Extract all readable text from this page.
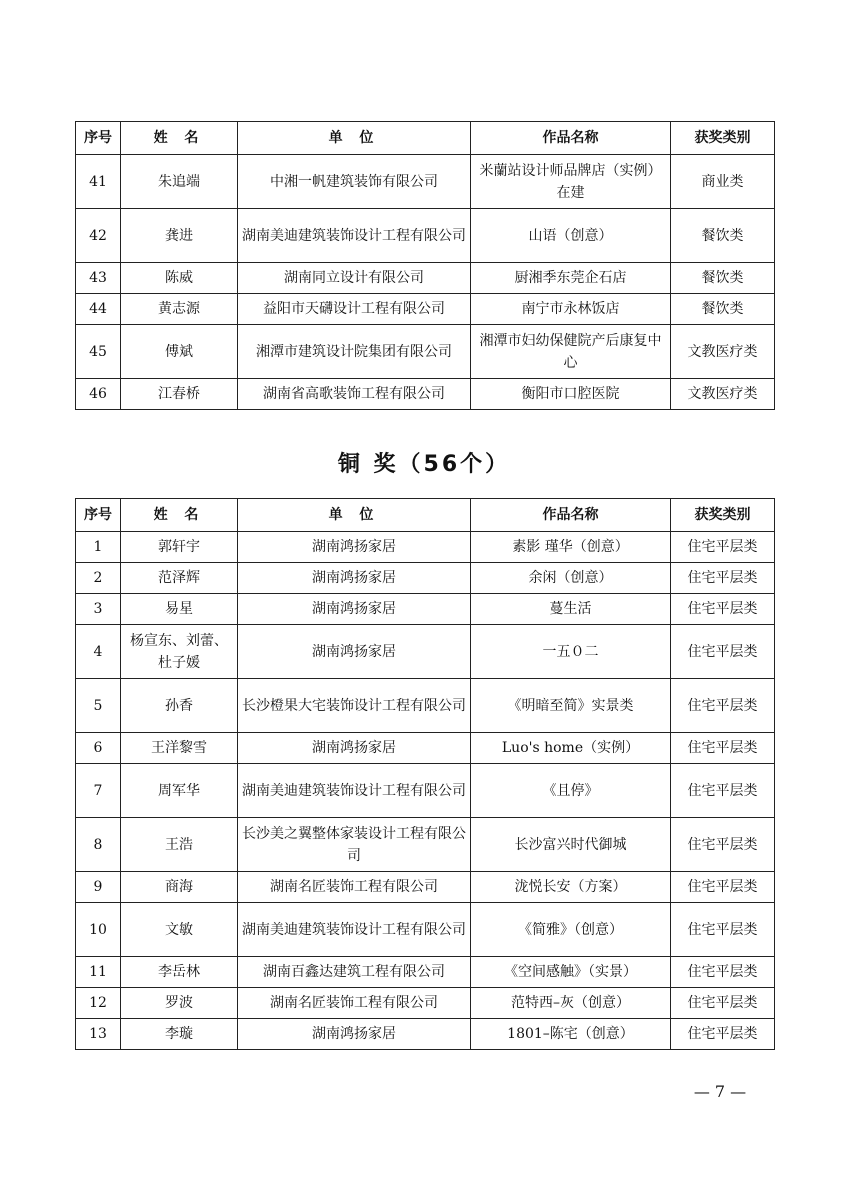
序号	姓 名	单 位	作品名称	获奖类别
41	朱追端	中湘一帆建筑装饰有限公司	米蘭站设计师品牌店（实例）在建	商业类
42	龚进	湖南美迪建筑装饰设计工程有限公司	山语（创意）	餐饮类
43	陈威	湖南同立设计有限公司	厨湘季东莞企石店	餐饮类
44	黄志源	益阳市天礴设计工程有限公司	南宁市永林饭店	餐饮类
45	傅斌	湘潭市建筑设计院集团有限公司	湘潭市妇幼保健院产后康复中心	文教医疗类
46	江春桥	湖南省高歌装饰工程有限公司	衡阳市口腔医院	文教医疗类
铜 奖（56个）
序号	姓 名	单 位	作品名称	获奖类别
1	郭轩宇	湖南鸿扬家居	素影 瑾华（创意）	住宅平层类
2	范泽辉	湖南鸿扬家居	余闲（创意）	住宅平层类
3	易星	湖南鸿扬家居	蔓生活	住宅平层类
4	杨宣东、刘蕾、杜子媛	湖南鸿扬家居	一五０二	住宅平层类
5	孙香	长沙橙果大宅装饰设计工程有限公司	《明暗至简》实景类	住宅平层类
6	王洋黎雪	湖南鸿扬家居	Luo's home（实例）	住宅平层类
7	周军华	湖南美迪建筑装饰设计工程有限公司	《且停》	住宅平层类
8	王浩	长沙美之翼整体家装设计工程有限公司	长沙富兴时代御城	住宅平层类
9	商海	湖南名匠装饰工程有限公司	泷悦长安（方案）	住宅平层类
10	文敏	湖南美迪建筑装饰设计工程有限公司	《简雅》（创意）	住宅平层类
11	李岳林	湖南百鑫达建筑工程有限公司	《空间感触》（实景）	住宅平层类
12	罗波	湖南名匠装饰工程有限公司	范特西–灰（创意）	住宅平层类
13	李璇	湖南鸿扬家居	1801–陈宅（创意）	住宅平层类
— 7 —
